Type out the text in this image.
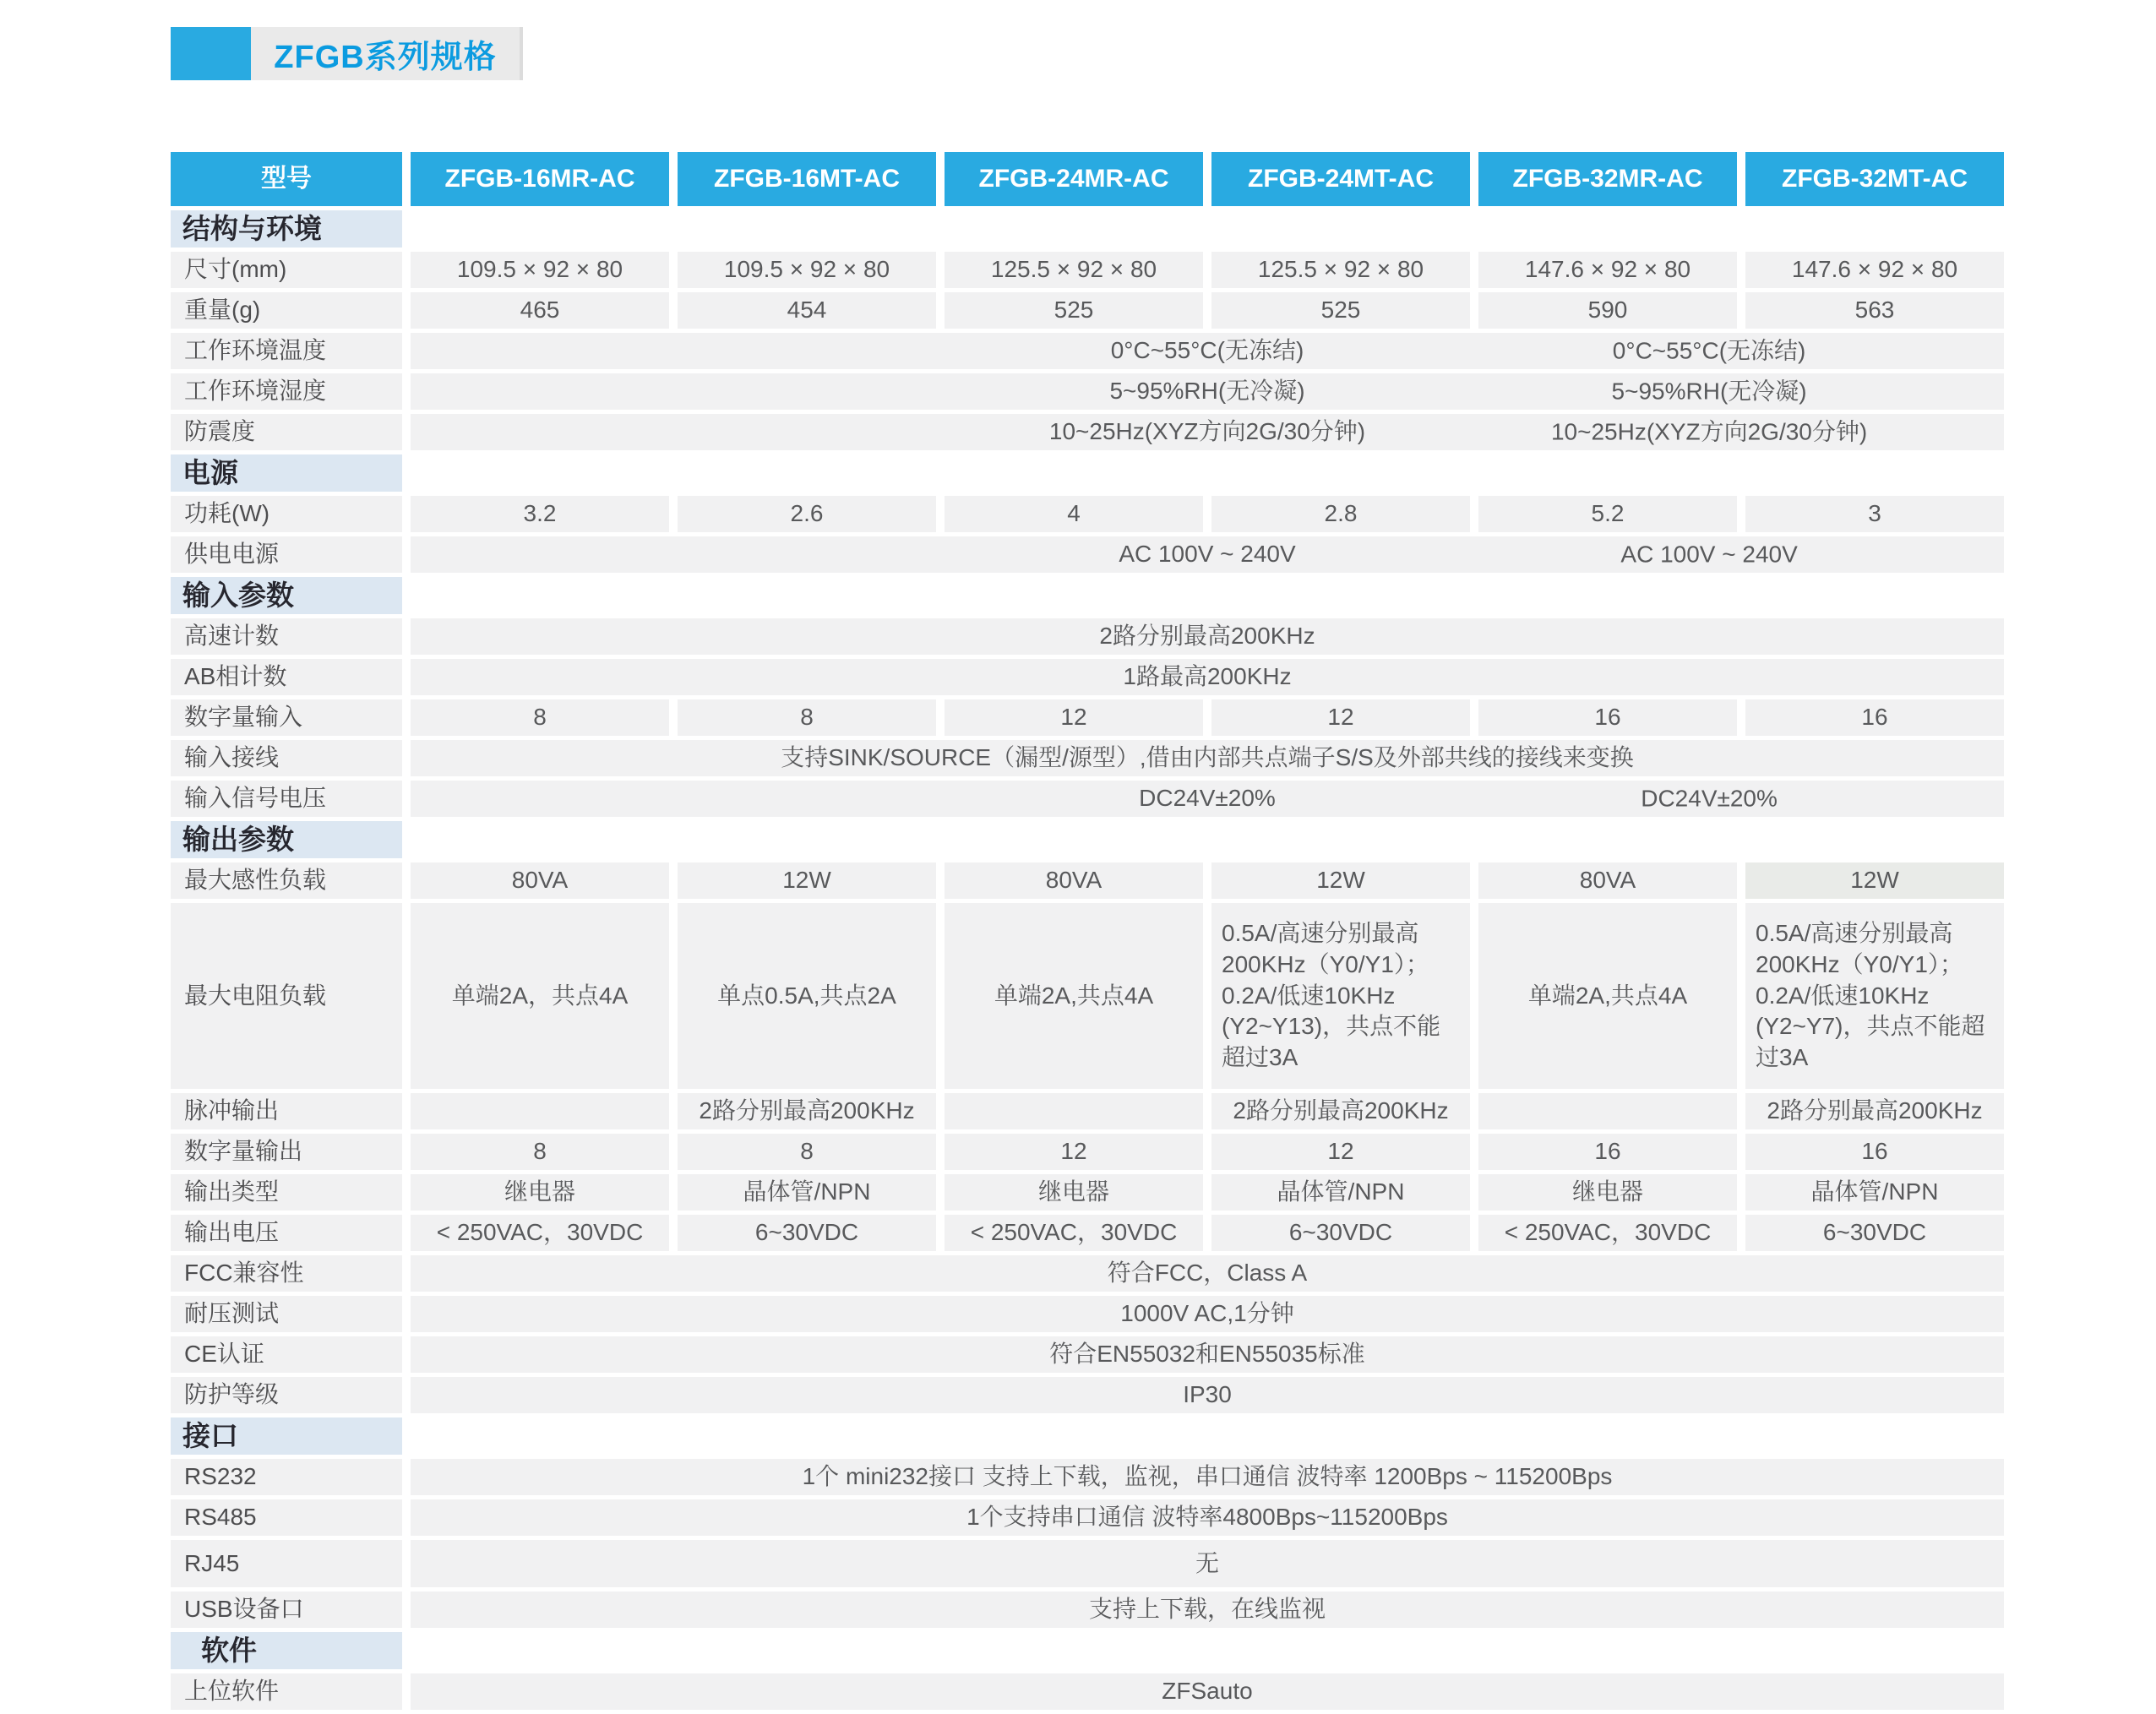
ZFGB系列规格
型号	ZFGB-16MR-AC	ZFGB-16MT-AC	ZFGB-24MR-AC	ZFGB-24MT-AC	ZFGB-32MR-AC	ZFGB-32MT-AC
结构与环境						
尺寸(mm)	109.5 × 92 × 80	109.5 × 92 × 80	125.5 × 92 × 80	125.5 × 92 × 80	147.6 × 92 × 80	147.6 × 92 × 80
重量(g)	465	454	525	525	590	563
工作环境温度	0°C~55°C(无冻结) 0°C~55°C(无冻结)					

工作环境湿度	5~95%RH(无冷凝) 5~95%RH(无冷凝)					

防震度	10~25Hz(XYZ方向2G/30分钟) 10~25Hz(XYZ方向2G/30分钟)					

电源						
功耗(W)	3.2	2.6	4	2.8	5.2	3
供电电源	AC 100V ~ 240V AC 100V ~ 240V					

输入参数						
高速计数	2路分别最高200KHz					
AB相计数	1路最高200KHz					
数字量输入	8	8	12	12	16	16
输入接线	支持SINK/SOURCE（漏型/源型）,借由内部共点端子S/S及外部共线的接线来变换					
输入信号电压	DC24V±20% DC24V±20%					

输出参数						
最大感性负载	80VA	12W	80VA	12W	80VA	12W
最大电阻负载	单端2A，共点4A	单点0.5A,共点2A	单端2A,共点4A	0.5A/高速分别最高200KHz（Y0/Y1）；0.2A/低速10KHz (Y2~Y13)，共点不能超过3A	单端2A,共点4A	0.5A/高速分别最高200KHz（Y0/Y1）；0.2A/低速10KHz (Y2~Y7)，共点不能超过3A
脉冲输出		2路分别最高200KHz		2路分别最高200KHz		2路分别最高200KHz
数字量输出	8	8	12	12	16	16
输出类型	继电器	晶体管/NPN	继电器	晶体管/NPN	继电器	晶体管/NPN
输出电压	< 250VAC，30VDC	6~30VDC	< 250VAC，30VDC	6~30VDC	< 250VAC，30VDC	6~30VDC
FCC兼容性	符合FCC，Class A					
耐压测试	1000V AC,1分钟					
CE认证	符合EN55032和EN55035标准					
防护等级	IP30					
接口						
RS232	1个 mini232接口 支持上下载，监视，串口通信 波特率 1200Bps ~ 115200Bps					
RS485	1个支持串口通信 波特率4800Bps~115200Bps					
RJ45	无					
USB设备口	支持上下载，在线监视					
软件						
上位软件	ZFSauto					
